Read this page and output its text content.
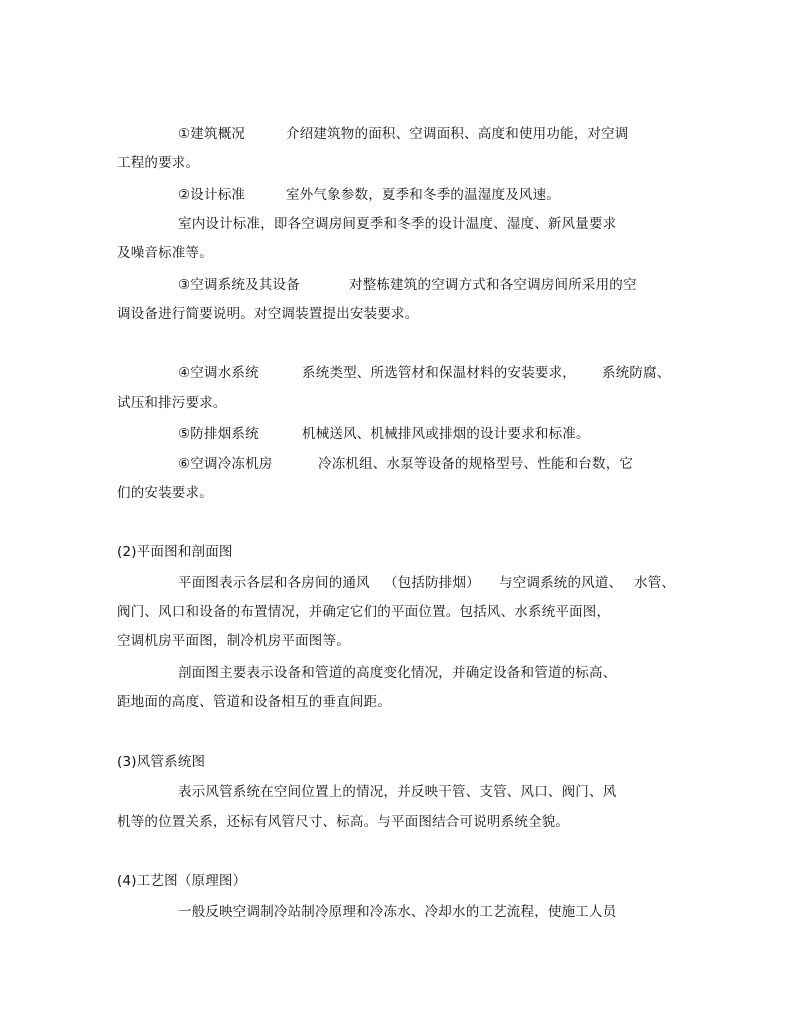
①建筑概况	介绍建筑物的面积、空调面积、高度和使用功能，对空调
工程的要求。
②设计标准	室外气象参数，夏季和冬季的温湿度及风速。
室内设计标准，即各空调房间夏季和冬季的设计温度、湿度、新风量要求
及噪音标准等。
③空调系统及其设备	对整栋建筑的空调方式和各空调房间所采用的空
调设备进行简要说明。对空调装置提出安装要求。
④空调水系统	系统类型、所选管材和保温材料的安装要求， 系统防腐、
试压和排污要求。
⑤防排烟系统	机械送风、机械排风或排烟的设计要求和标准。
⑥空调冷冻机房	冷冻机组、水泵等设备的规格型号、性能和台数，它
们的安装要求。
(2)平面图和剖面图
平面图表示各层和各房间的通风 （包括防排烟） 与空调系统的风道、 水管、
阀门、风口和设备的布置情况，并确定它们的平面位置。包括风、水系统平面图，
空调机房平面图，制冷机房平面图等。
剖面图主要表示设备和管道的高度变化情况，并确定设备和管道的标高、
距地面的高度、管道和设备相互的垂直间距。
(3)风管系统图
表示风管系统在空间位置上的情况，并反映干管、支管、风口、阀门、风
机等的位置关系，还标有风管尺寸、标高。与平面图结合可说明系统全貌。
(4)工艺图（原理图）
一般反映空调制冷站制冷原理和冷冻水、冷却水的工艺流程，使施工人员
